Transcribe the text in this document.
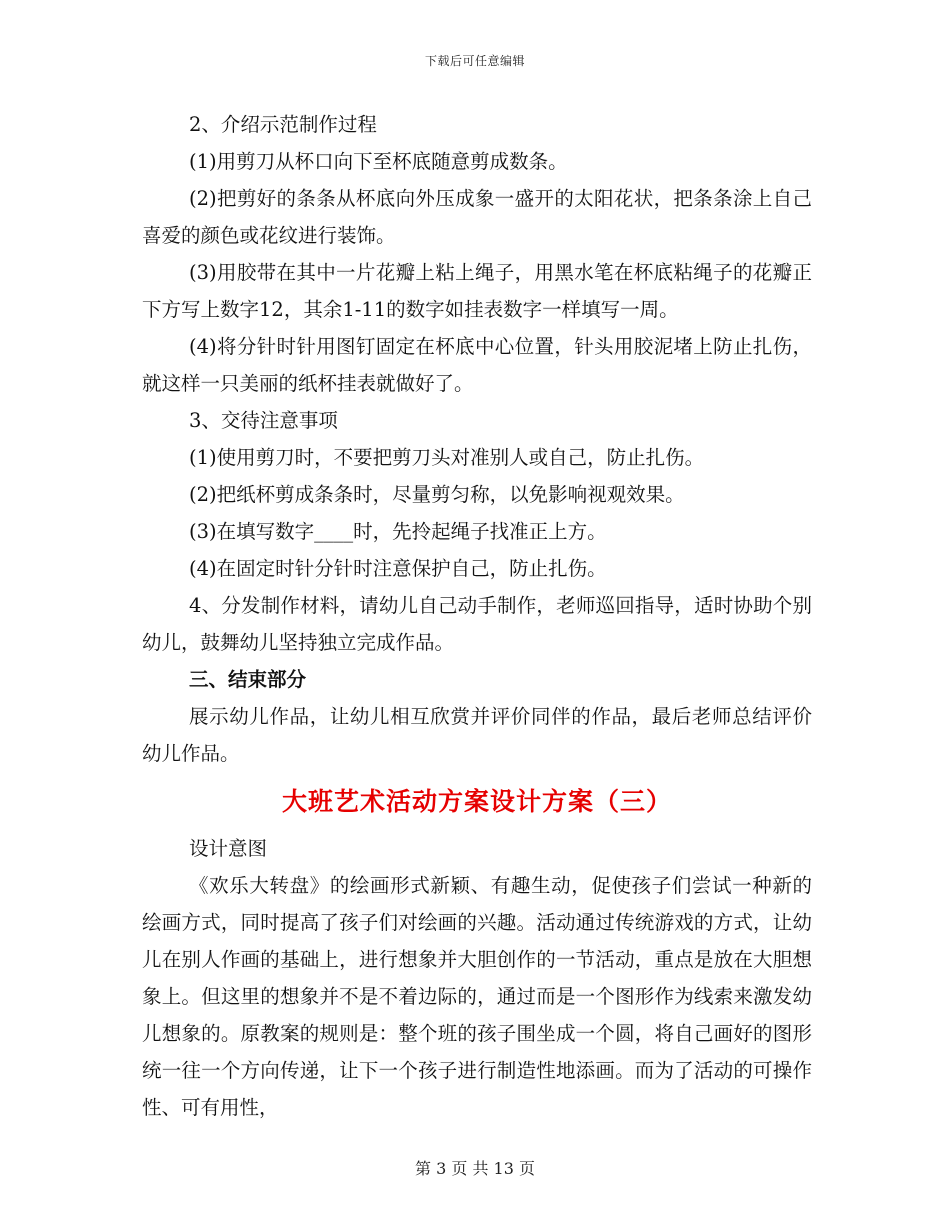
下载后可任意编辑

2、介绍示范制作过程

(1)用剪刀从杯口向下至杯底随意剪成数条。

(2)把剪好的条条从杯底向外压成象一盛开的太阳花状，把条条涂上自己喜爱的颜色或花纹进行装饰。

(3)用胶带在其中一片花瓣上粘上绳子，用黑水笔在杯底粘绳子的花瓣正下方写上数字12，其余1-11的数字如挂表数字一样填写一周。

(4)将分针时针用图钉固定在杯底中心位置，针头用胶泥堵上防止扎伤，就这样一只美丽的纸杯挂表就做好了。

3、交待注意事项

(1)使用剪刀时，不要把剪刀头对准别人或自己，防止扎伤。

(2)把纸杯剪成条条时，尽量剪匀称，以免影响视观效果。

(3)在填写数字____时，先拎起绳子找准正上方。

(4)在固定时针分针时注意保护自己，防止扎伤。

4、分发制作材料，请幼儿自己动手制作，老师巡回指导，适时协助个别幼儿，鼓舞幼儿坚持独立完成作品。

三、结束部分

展示幼儿作品，让幼儿相互欣赏并评价同伴的作品，最后老师总结评价幼儿作品。

大班艺术活动方案设计方案（三）

设计意图

《欢乐大转盘》的绘画形式新颖、有趣生动，促使孩子们尝试一种新的绘画方式，同时提高了孩子们对绘画的兴趣。活动通过传统游戏的方式，让幼儿在别人作画的基础上，进行想象并大胆创作的一节活动，重点是放在大胆想象上。但这里的想象并不是不着边际的，通过而是一个图形作为线索来激发幼儿想象的。原教案的规则是：整个班的孩子围坐成一个圆，将自己画好的图形统一往一个方向传递，让下一个孩子进行制造性地添画。而为了活动的可操作性、可有用性，

第 3 页 共 13 页
